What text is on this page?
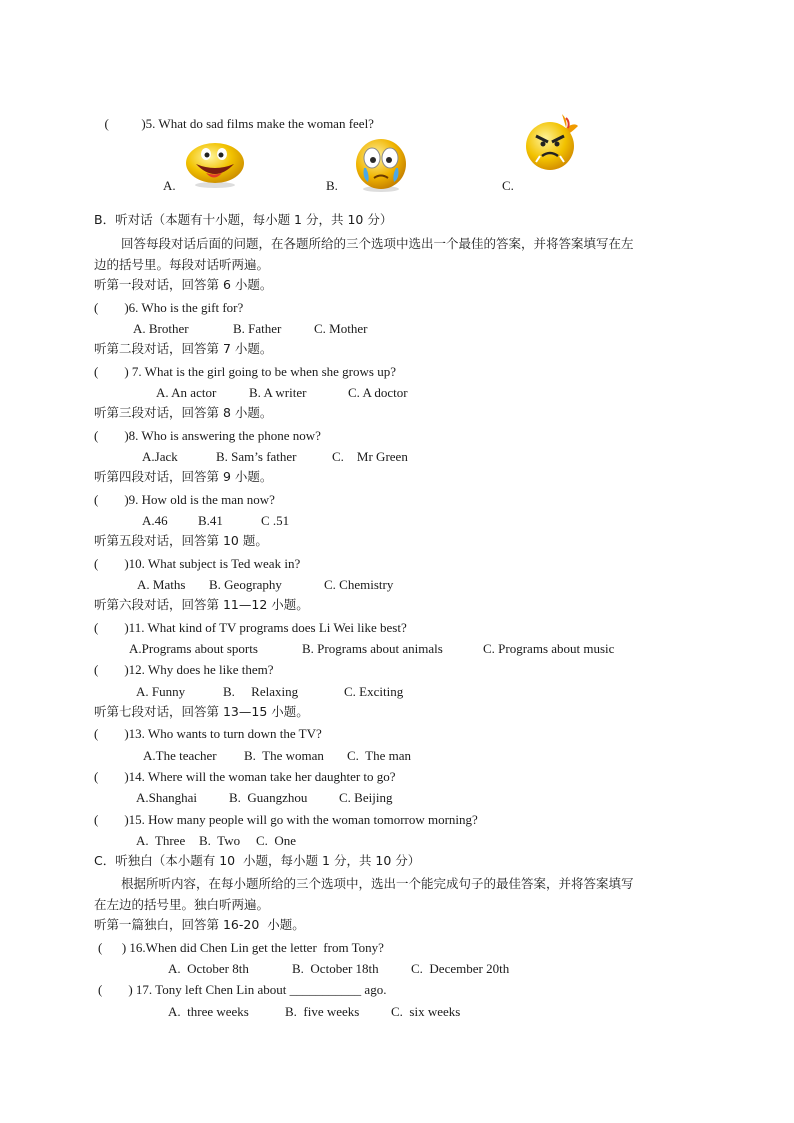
(          )5. What do sad films make the woman feel?

A.	B.	C.
B．听对话（本题有十小题，每小题 1 分，共 10 分）
回答每段对话后面的问题，在各题所给的三个选项中选出一个最佳的答案，并将答案填写在左
边的括号里。每段对话听两遍。
听第一段对话，回答第 6 小题。
(        )6. Who is the gift for?
A. Brother	B. Father	C. Mother
听第二段对话，回答第 7 小题。
(        ) 7. What is the girl going to be when she grows up?
A. An actor	B. A writer	C. A doctor
听第三段对话，回答第 8 小题。
(        )8. Who is answering the phone now?
A.Jack	B. Sam’s father	C.    Mr Green
听第四段对话，回答第 9 小题。
(        )9. How old is the man now?
A.46 B.41	C .51
听第五段对话，回答第 10 题。
(        )10. What subject is Ted weak in?
A. Maths B. Geography	C. Chemistry
听第六段对话，回答第 11—12 小题。
(        )11. What kind of TV programs does Li Wei like best?
A.Programs about sports	B. Programs about animals	C. Programs about music
(        )12. Why does he like them?
A. Funny	B.     Relaxing	C. Exciting
听第七段对话，回答第 13—15 小题。
(        )13. Who wants to turn down the TV?
A.The teacher B.  The woman C.  The man
(        )14. Where will the woman take her daughter to go?
A.Shanghai B.  Guangzhou C. Beijing
(        )15. How many people will go with the woman tomorrow morning?
A.  Three B.  Two C.  One
C．听独白（本小题有 10  小题，每小题 1 分，共 10 分）
根据所听内容，在每小题所给的三个选项中，选出一个能完成句子的最佳答案，并将答案填写
在左边的括号里。独白听两遍。
听第一篇独白，回答第 16-20  小题。
(      ) 16.When did Chen Lin get the letter  from Tony?
A.  October 8th	B.  October 18th C.  December 20th
(        ) 17. Tony left Chen Lin about ___________ ago.
A.  three weeks	B.  five weeks C.  six weeks
